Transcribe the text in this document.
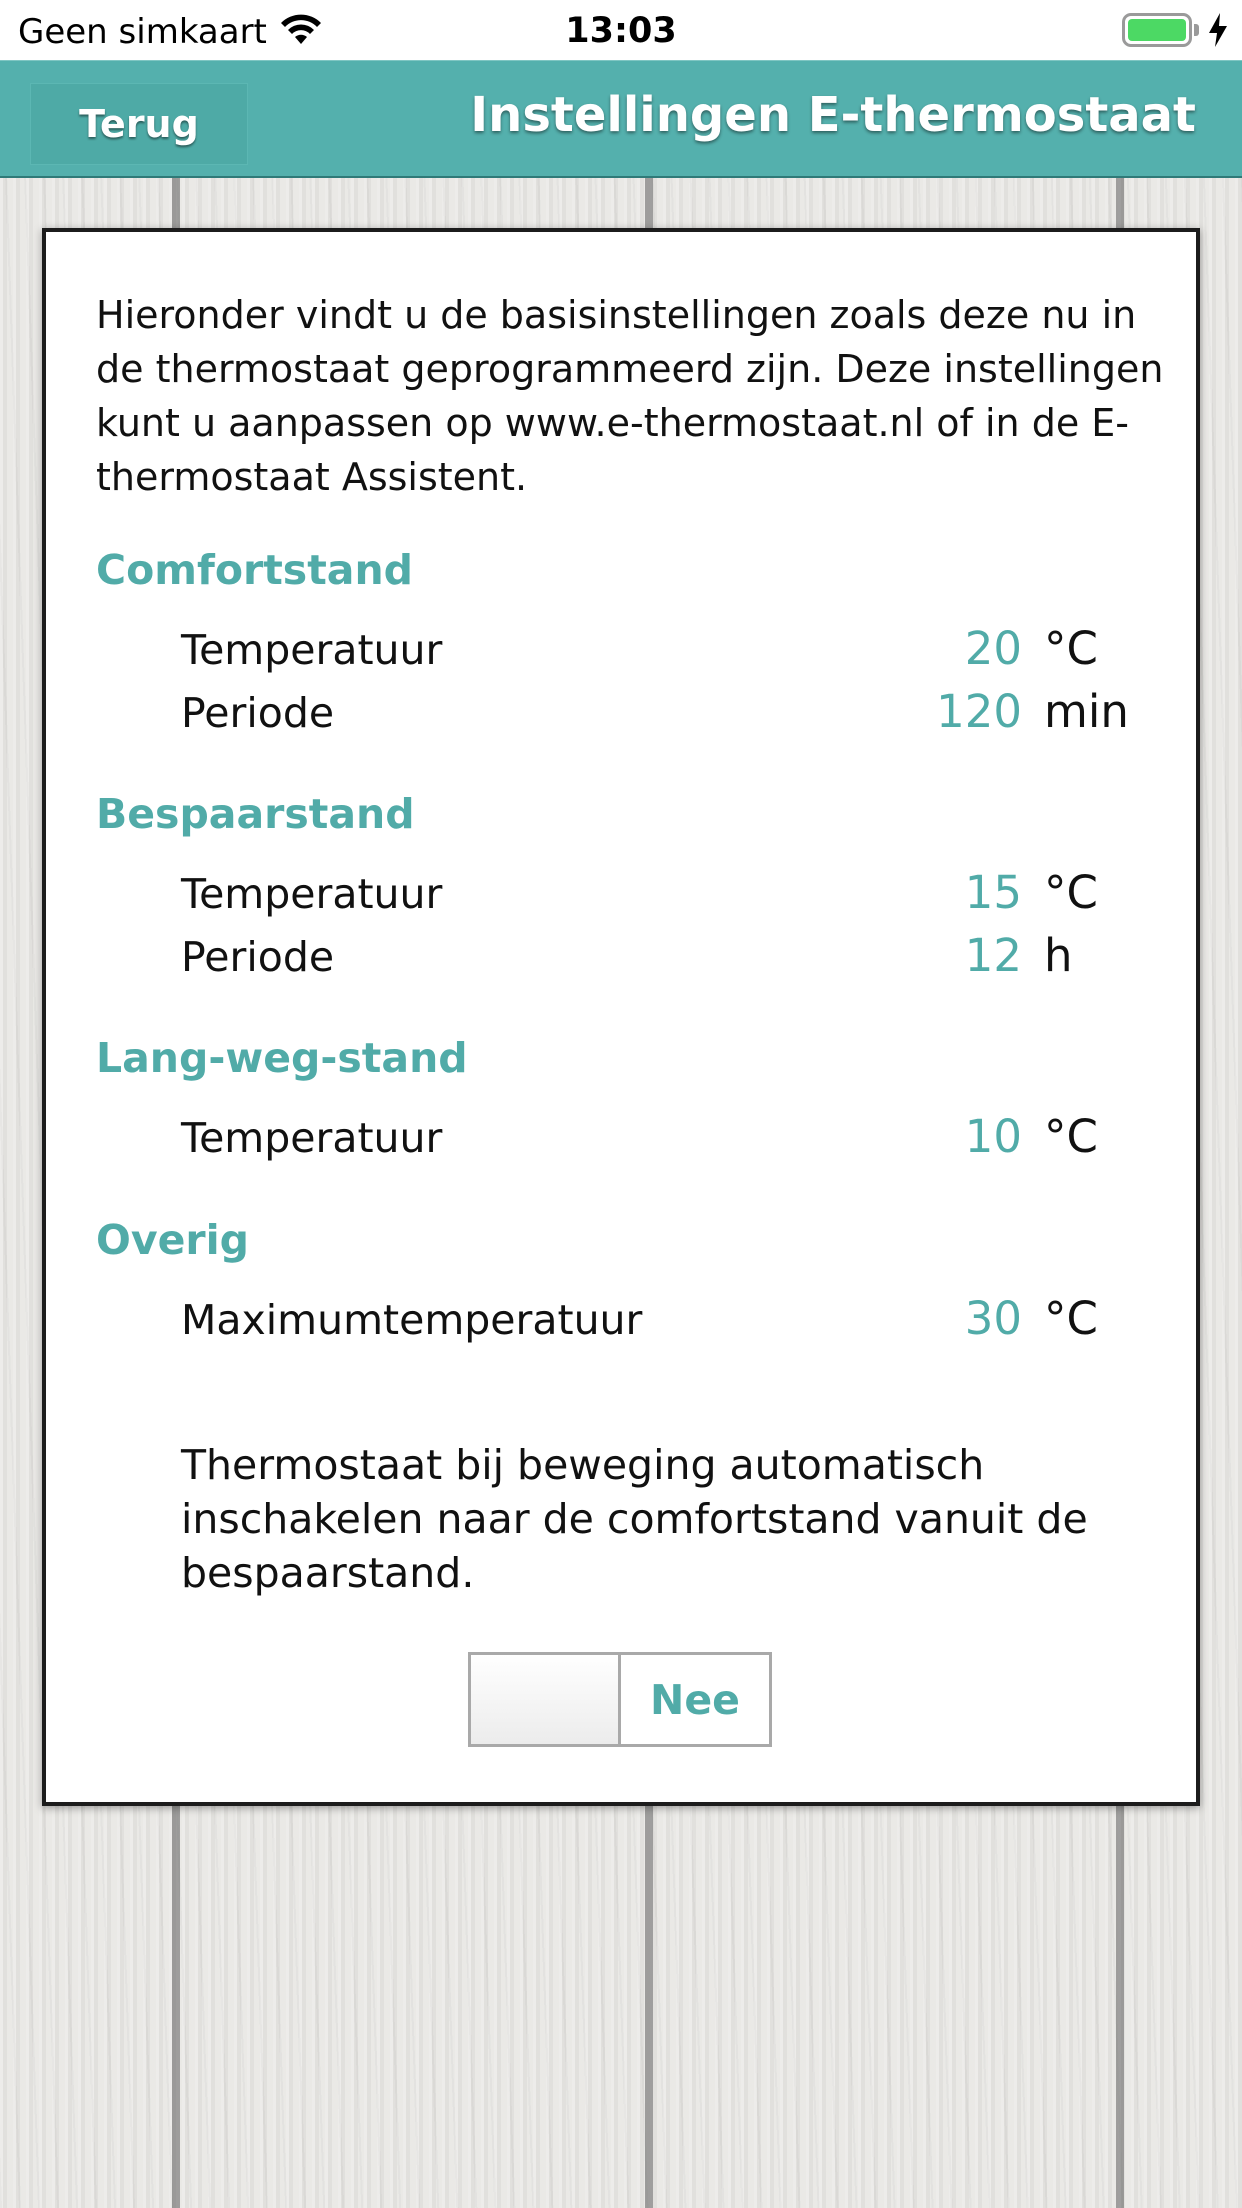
Geen simkaart	13:03
Terug	Instellingen E-thermostaat
Hieronder vindt u de basisinstellingen zoals deze nu in de thermostaat geprogrammeerd zijn. Deze instellingen kunt u aanpassen op www.e-thermostaat.nl of in de E-thermostaat Assistent.
Comfortstand
Temperatuur	20 °C
Periode	120 min
Bespaarstand
Temperatuur	15 °C
Periode	12 h
Lang-weg-stand
Temperatuur	10 °C
Overig
Maximumtemperatuur	30 °C
Thermostaat bij beweging automatisch inschakelen naar de comfortstand vanuit de bespaarstand.
Nee
